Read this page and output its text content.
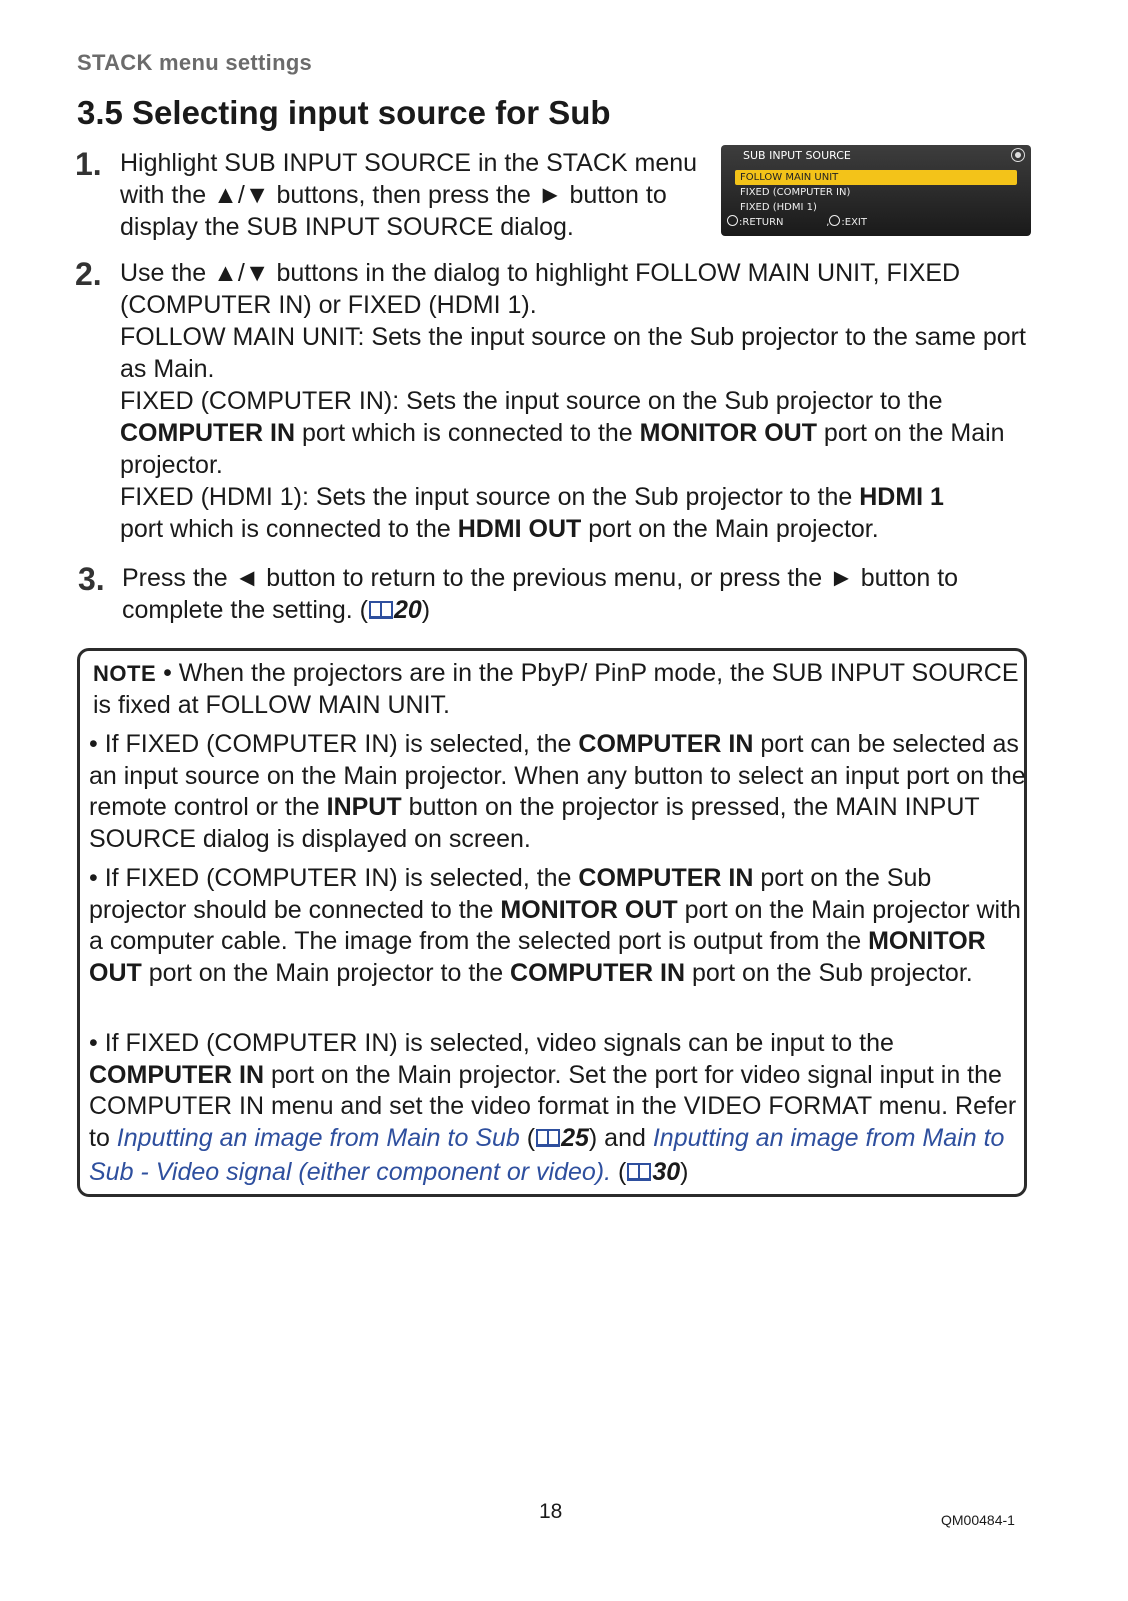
STACK menu settings
3.5 Selecting input source for Sub
1. Highlight SUB INPUT SOURCE in the STACK menu with the ▲/▼ buttons, then press the ► button to display the SUB INPUT SOURCE dialog.

SUB INPUT SOURCE
FOLLOW MAIN UNIT
FIXED (COMPUTER IN)
FIXED (HDMI 1)
:RETURN	, :EXIT
2. Use the ▲/▼ buttons in the dialog to highlight FOLLOW MAIN UNIT, FIXED (COMPUTER IN) or FIXED (HDMI 1).

FOLLOW MAIN UNIT: Sets the input source on the Sub projector to the same port as Main.

FIXED (COMPUTER IN): Sets the input source on the Sub projector to the
COMPUTER IN port which is connected to the MONITOR OUT port on the Main projector.

FIXED (HDMI 1): Sets the input source on the Sub projector to the HDMI 1
port which is connected to the HDMI OUT port on the Main projector.

3. Press the ◄ button to return to the previous menu, or press the ► button to complete the setting. ( 20)

NOTE • When the projectors are in the PbyP/ PinP mode, the SUB INPUT SOURCE is fixed at FOLLOW MAIN UNIT.

• If FIXED (COMPUTER IN) is selected, the COMPUTER IN port can be selected as an input source on the Main projector. When any button to select an input port on the remote control or the INPUT button on the projector is pressed, the MAIN INPUT SOURCE dialog is displayed on screen.

• If FIXED (COMPUTER IN) is selected, the COMPUTER IN port on the Sub projector should be connected to the MONITOR OUT port on the Main projector with a computer cable. The image from the selected port is output from the MONITOR OUT port on the Main projector to the COMPUTER IN port on the Sub projector.

• If FIXED (COMPUTER IN) is selected, video signals can be input to the COMPUTER IN port on the Main projector. Set the port for video signal input in the COMPUTER IN menu and set the video format in the VIDEO FORMAT menu. Refer to Inputting an image from Main to Sub ( 25) and Inputting an image from Main to Sub - Video signal (either component or video). ( 30)

18	QM00484-1
